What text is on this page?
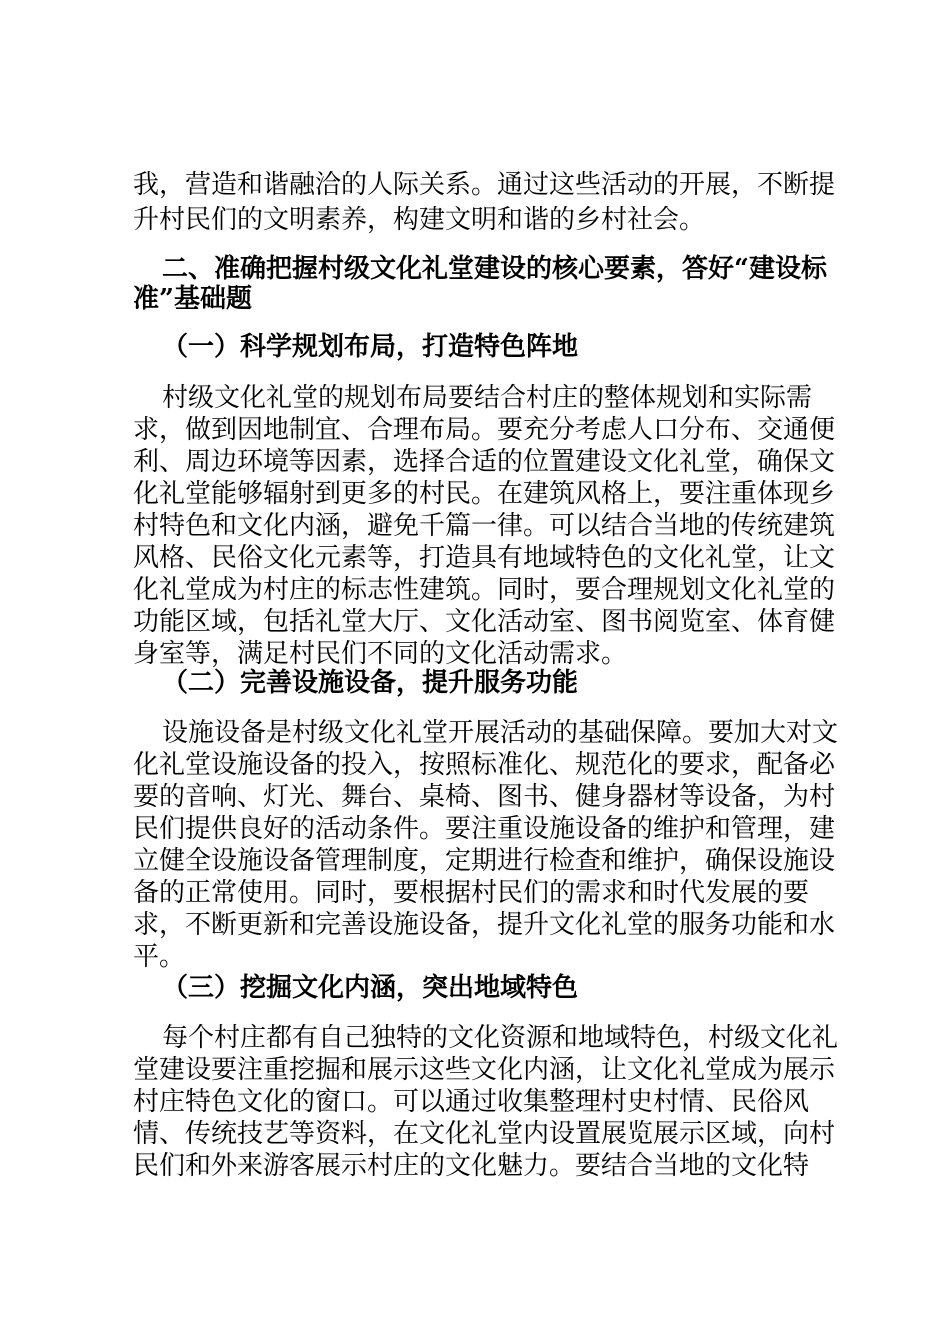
我，营造和谐融洽的人际关系。通过这些活动的开展，不断提
升村民们的文明素养，构建文明和谐的乡村社会。
二、准确把握村级文化礼堂建设的核心要素，答好“建设标
准”基础题
（一）科学规划布局，打造特色阵地
村级文化礼堂的规划布局要结合村庄的整体规划和实际需
求，做到因地制宜、合理布局。要充分考虑人口分布、交通便
利、周边环境等因素，选择合适的位置建设文化礼堂，确保文
化礼堂能够辐射到更多的村民。在建筑风格上，要注重体现乡
村特色和文化内涵，避免千篇一律。可以结合当地的传统建筑
风格、民俗文化元素等，打造具有地域特色的文化礼堂，让文
化礼堂成为村庄的标志性建筑。同时，要合理规划文化礼堂的
功能区域，包括礼堂大厅、文化活动室、图书阅览室、体育健
身室等，满足村民们不同的文化活动需求。
（二）完善设施设备，提升服务功能
设施设备是村级文化礼堂开展活动的基础保障。要加大对文
化礼堂设施设备的投入，按照标准化、规范化的要求，配备必
要的音响、灯光、舞台、桌椅、图书、健身器材等设备，为村
民们提供良好的活动条件。要注重设施设备的维护和管理，建
立健全设施设备管理制度，定期进行检查和维护，确保设施设
备的正常使用。同时，要根据村民们的需求和时代发展的要
求，不断更新和完善设施设备，提升文化礼堂的服务功能和水
平。
（三）挖掘文化内涵，突出地域特色
每个村庄都有自己独特的文化资源和地域特色，村级文化礼
堂建设要注重挖掘和展示这些文化内涵，让文化礼堂成为展示
村庄特色文化的窗口。可以通过收集整理村史村情、民俗风
情、传统技艺等资料，在文化礼堂内设置展览展示区域，向村
民们和外来游客展示村庄的文化魅力。要结合当地的文化特
